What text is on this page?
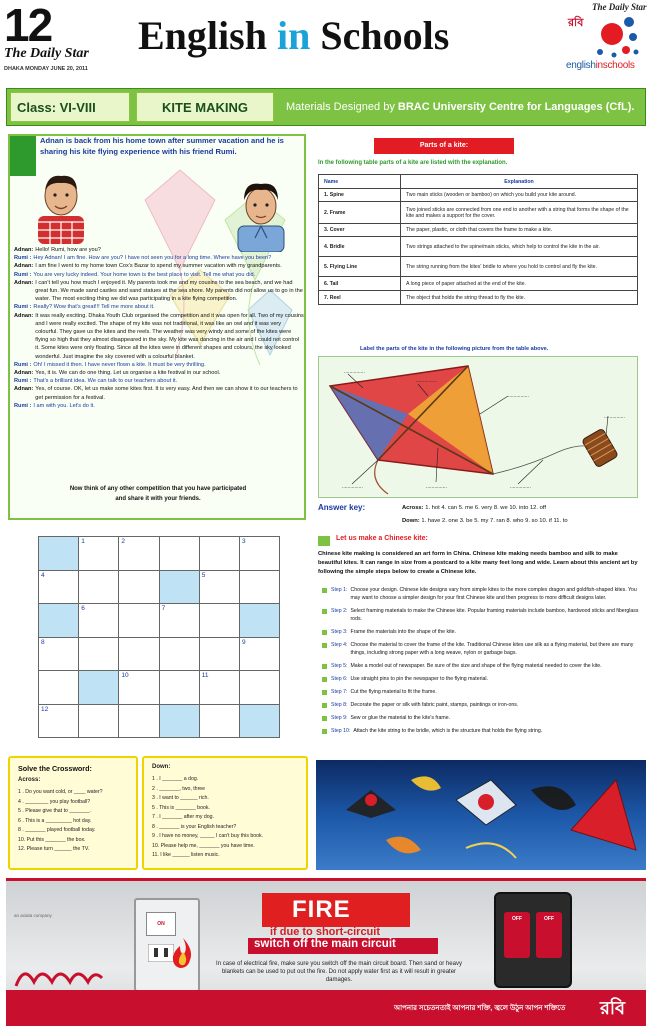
12
The Daily Star
DHAKA MONDAY JUNE 20, 2011
English in Schools
The Daily Star
রবি
englishinschools
Class: VI-VIII	KITE MAKING	Materials Designed by BRAC University Centre for Languages (CfL).
Adnan is back from his home town after summer vacation and he is sharing his kite flying experience with his friend Rumi.
Adnan: Hello! Rumi, how are you?
Rumi : Hey Adnan! I am fine. How are you? I have not seen you for a long time. Where have you been?
Adnan: I am fine I went to my home town Cox's Bazar to spend my summer vacation with my grandparents.
Rumi : You are very lucky indeed. Your home town is the best place to visit. Tell me what you did.
Adnan: I can't tell you how much I enjoyed it. My parents took me and my cousins to the sea beach, and we had great fun. We made sand castles and sand statues at the sea shore. My parents did not allow us to go in the water. The most exciting thing we did was participating in a kite flying competition.
Rumi : Really? Wow that's great!!! Tell me more about it.
Adnan: It was really exciting. Dhaka Youth Club organised the competition and it was open for all. Two of my cousins and I were really excited. The shape of my kite was not traditional, it was like an owl and it was very colourful. They gave us the kites and the reels. The weather was very windy and some of the kites were flying so high that they almost disappeared in the sky. My kite was dancing in the air and I could not control it. Some kites were only floating. Since all the kites were in different shapes and colours, the sky looked wonderful. Just imagine the sky covered with a colourful blanket.
Rumi : Oh! I missed it then. I have never flown a kite. It must be very thrilling.
Adnan: Yes, it is. We can do one thing. Let us organise a kite festival in our school.
Rumi : That's a brilliant idea. We can talk to our teachers about it.
Adnan: Yes, of course. OK, let us make some kites first. It is very easy. And then we can show it to our teachers to get permission for a festival.
Rumi : I am with you. Let's do it.
Now think of any other competition that you have participated
and share it with your friends.
Parts of a kite:
In the following table parts of a kite are listed with the explanation.
Name	Explanation
1. Spine	Two main sticks (wooden or bamboo) on which you build your kite around.
2. Frame	Two joined sticks are connected from one end to another with a string that forms the shape of the kite and makes a support for the cover.
3. Cover	The paper, plastic, or cloth that covers the frame to make a kite.
4. Bridle	Two strings attached to the spine/main sticks, which help to control the kite in the air.
5. Flying Line	The string running from the kites' bridle to where you hold to control and fly the kite.
6. Tail	A long piece of paper attached at the end of the kite.
7. Reel	The object that holds the string thread to fly the kite.
Label the parts of the kite in the following picture from the table above.
...............
...............
...............
...............
...............	...............	...............
Answer key:	Across: 1. hot 4. can 5. me 6. very 8. we 10. into 12. off
Down: 1. have 2. one 3. be 5. my 7. ran 8. who 9. so 10. if 11. to
	1	2			3
4				5	
	6		7		
8					9
		10		11	
12					
Solve the Crossword:
Across:
1 . Do you want cold, or ____ water?
4 . ________ you play football?
5 . Please give that to _______.
6 . This is a _________ hot day.
8 . _______ played football today.
10. Put this _______ the box.
12. Please turn ______ the TV.
Down:
1 . I _______ a dog.
2 . _______, two, three
3 . I want to ______ rich.
5 . This is _______ book.
7 . I _______ after my dog.
8 . _______ is your English teacher?
9 . I have no money, _____ I can't buy this book.
10. Please help me, _______ you have time.
11. I like ______ listen music.
Let us make a Chinese kite:
Chinese kite making is considered an art form in China. Chinese kite making needs bamboo and silk to make beautiful kites. It can range in size from a postcard to a kite many feet long and wide. Learn about this ancient art by following the simple steps below to create a Chinese kite.
Step 1: Choose your design. Chinese kite designs vary from simple kites to the more complex dragon and goldfish-shaped kites. You may want to choose a simpler design for your first Chinese kite and then progress to more difficult designs later.
Step 2: Select framing materials to make the Chinese kite. Popular framing materials include bamboo, hardwood sticks and fiberglass rods.
Step 3: Frame the materials into the shape of the kite.
Step 4: Choose the material to cover the frame of the kite. Traditional Chinese kites use silk as a flying material, but there are many things, including strong paper with a long weave, nylon or garbage bags.
Step 5: Make a model out of newspaper. Be sure of the size and shape of the flying material needed to cover the kite.
Step 6: Use straight pins to pin the newspaper to the flying material.
Step 7: Cut the flying material to fit the frame.
Step 8: Decorate the paper or silk with fabric paint, stamps, paintings or iron-ons.
Step 9: Sew or glue the material to the kite's frame.
Step 10: Attach the kite string to the bridle, which is the structure that holds the flying string.
an axiata company
ON
FIRE
if due to short-circuit
switch off the main circuit
In case of electrical fire, make sure you switch off the main circuit board. Then sand or heavy blankets can be used to put out the fire. Do not apply water first as it will result in greater damages.
OFF	OFF
আপনার সচেতনতাই আপনার শক্তি, জ্বলে উঠুন আপন শক্তিতে রবি
